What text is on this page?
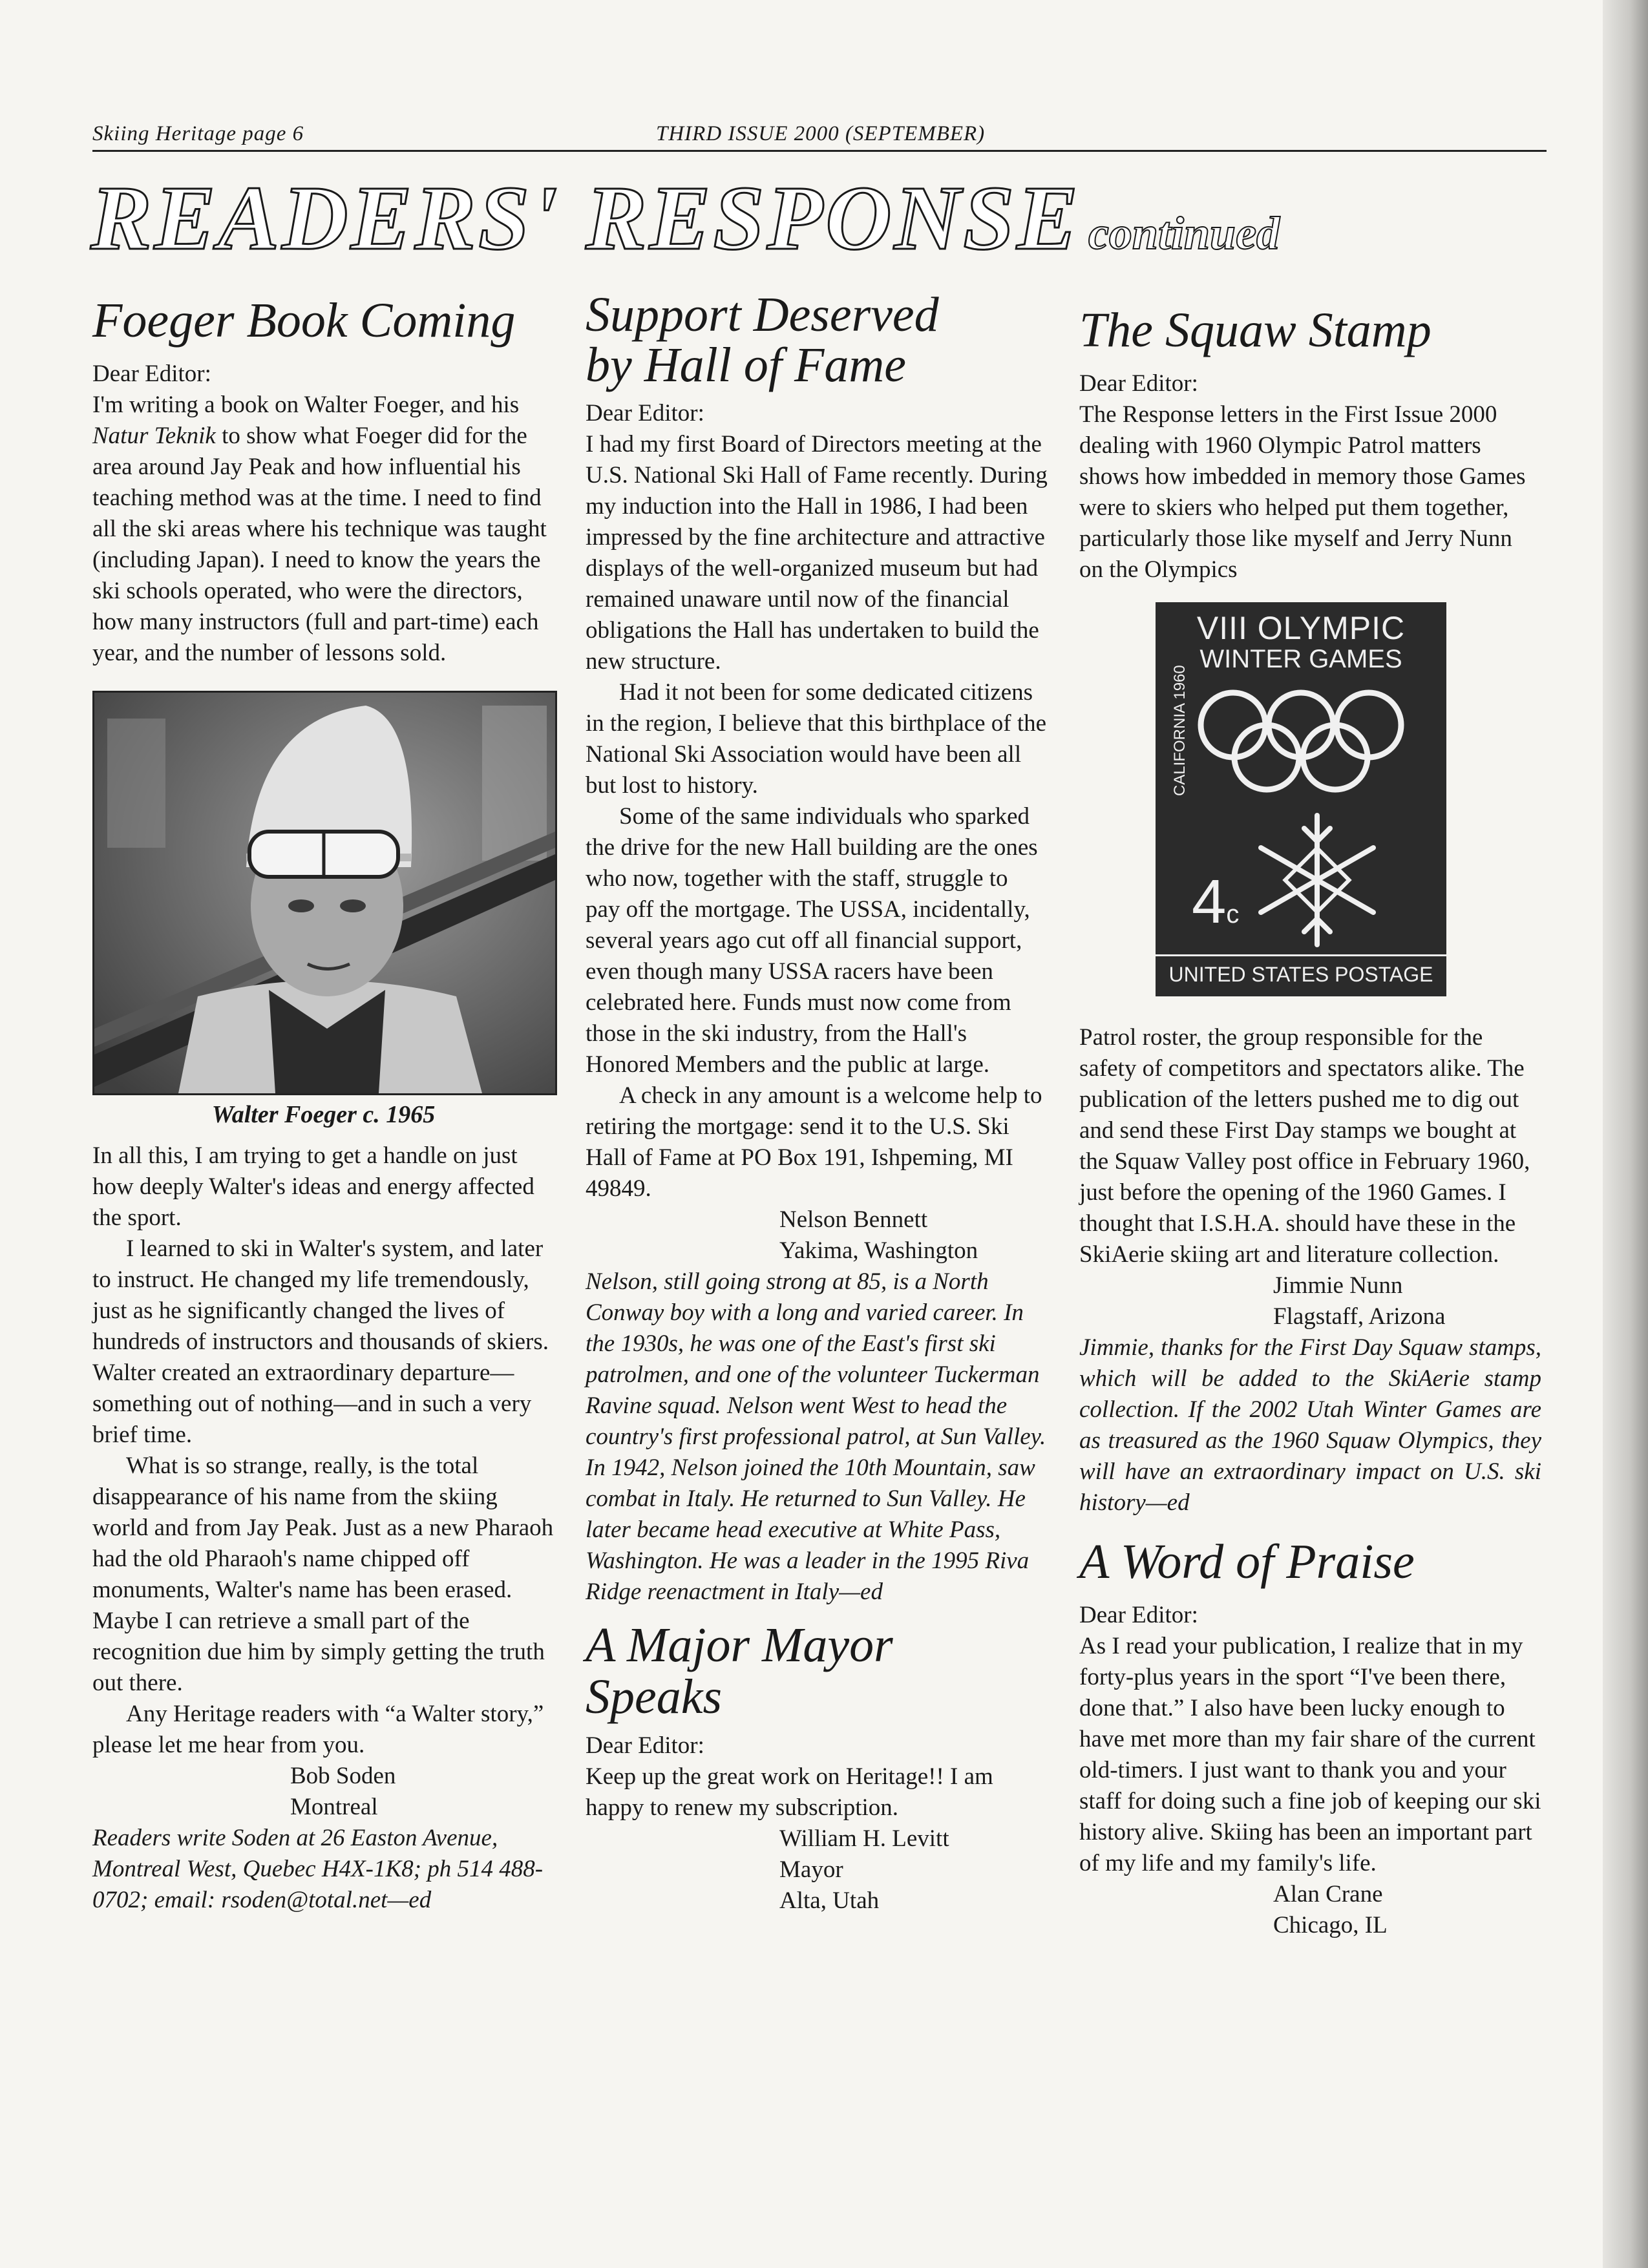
Skiing Heritage page 6	THIRD ISSUE 2000 (SEPTEMBER)
READERS' RESPONSE continued
Foeger Book Coming

Dear Editor:

I'm writing a book on Walter Foeger, and his Natur Teknik to show what Foeger did for the area around Jay Peak and how influential his teaching method was at the time. I need to find all the ski areas where his technique was taught (including Japan). I need to know the years the ski schools operated, who were the directors, how many instructors (full and part-time) each year, and the number of lessons sold.

Walter Foeger c. 1965

In all this, I am trying to get a handle on just how deeply Walter's ideas and energy affected the sport.

I learned to ski in Walter's system, and later to instruct. He changed my life tremendously, just as he significantly changed the lives of hundreds of instructors and thousands of skiers. Walter created an extraordinary departure—something out of nothing—and in such a very brief time.

What is so strange, really, is the total disappearance of his name from the skiing world and from Jay Peak. Just as a new Pharaoh had the old Pharaoh's name chipped off monuments, Walter's name has been erased. Maybe I can retrieve a small part of the recognition due him by simply getting the truth out there.

Any Heritage readers with “a Walter story,” please let me hear from you.

Bob Soden

Montreal

Readers write Soden at 26 Easton Avenue, Montreal West, Quebec H4X-1K8; ph 514 488-0702; email: rsoden@total.net—ed

Support Deserved
by Hall of Fame

Dear Editor:

I had my first Board of Directors meeting at the U.S. National Ski Hall of Fame recently. During my induction into the Hall in 1986, I had been impressed by the fine architecture and attractive displays of the well-organized museum but had remained unaware until now of the financial obligations the Hall has undertaken to build the new structure.

Had it not been for some dedicated citizens in the region, I believe that this birthplace of the National Ski Association would have been all but lost to history.

Some of the same individuals who sparked the drive for the new Hall building are the ones who now, together with the staff, struggle to pay off the mortgage. The USSA, incidentally, several years ago cut off all financial support, even though many USSA racers have been celebrated here. Funds must now come from those in the ski industry, from the Hall's Honored Members and the public at large.

A check in any amount is a welcome help to retiring the mortgage: send it to the U.S. Ski Hall of Fame at PO Box 191, Ishpeming, MI 49849.

Nelson Bennett

Yakima, Washington

Nelson, still going strong at 85, is a North Conway boy with a long and varied career. In the 1930s, he was one of the East's first ski patrolmen, and one of the volunteer Tuckerman Ravine squad. Nelson went West to head the country's first professional patrol, at Sun Valley. In 1942, Nelson joined the 10th Mountain, saw combat in Italy. He returned to Sun Valley. He later became head executive at White Pass, Washington. He was a leader in the 1995 Riva Ridge reenactment in Italy—ed

A Major Mayor
Speaks

Dear Editor:

Keep up the great work on Heritage!! I am happy to renew my subscription.

William H. Levitt

Mayor

Alta, Utah

The Squaw Stamp

Dear Editor:

The Response letters in the First Issue 2000 dealing with 1960 Olympic Patrol matters shows how imbedded in memory those Games were to skiers who helped put them together, particularly those like myself and Jerry Nunn on the Olympics

VIII OLYMPIC
WINTER GAMES
CALIFORNIA 1960
4c
UNITED STATES POSTAGE

Patrol roster, the group responsible for the safety of competitors and spectators alike. The publication of the letters pushed me to dig out and send these First Day stamps we bought at the Squaw Valley post office in February 1960, just before the opening of the 1960 Games. I thought that I.S.H.A. should have these in the SkiAerie skiing art and literature collection.

Jimmie Nunn

Flagstaff, Arizona

Jimmie, thanks for the First Day Squaw stamps, which will be added to the SkiAerie stamp collection. If the 2002 Utah Winter Games are as treasured as the 1960 Squaw Olympics, they will have an extraordinary impact on U.S. ski history—ed

A Word of Praise

Dear Editor:

As I read your publication, I realize that in my forty-plus years in the sport “I've been there, done that.” I also have been lucky enough to have met more than my fair share of the current old-timers. I just want to thank you and your staff for doing such a fine job of keeping our ski history alive. Skiing has been an important part of my life and my family's life.

Alan Crane

Chicago, IL
